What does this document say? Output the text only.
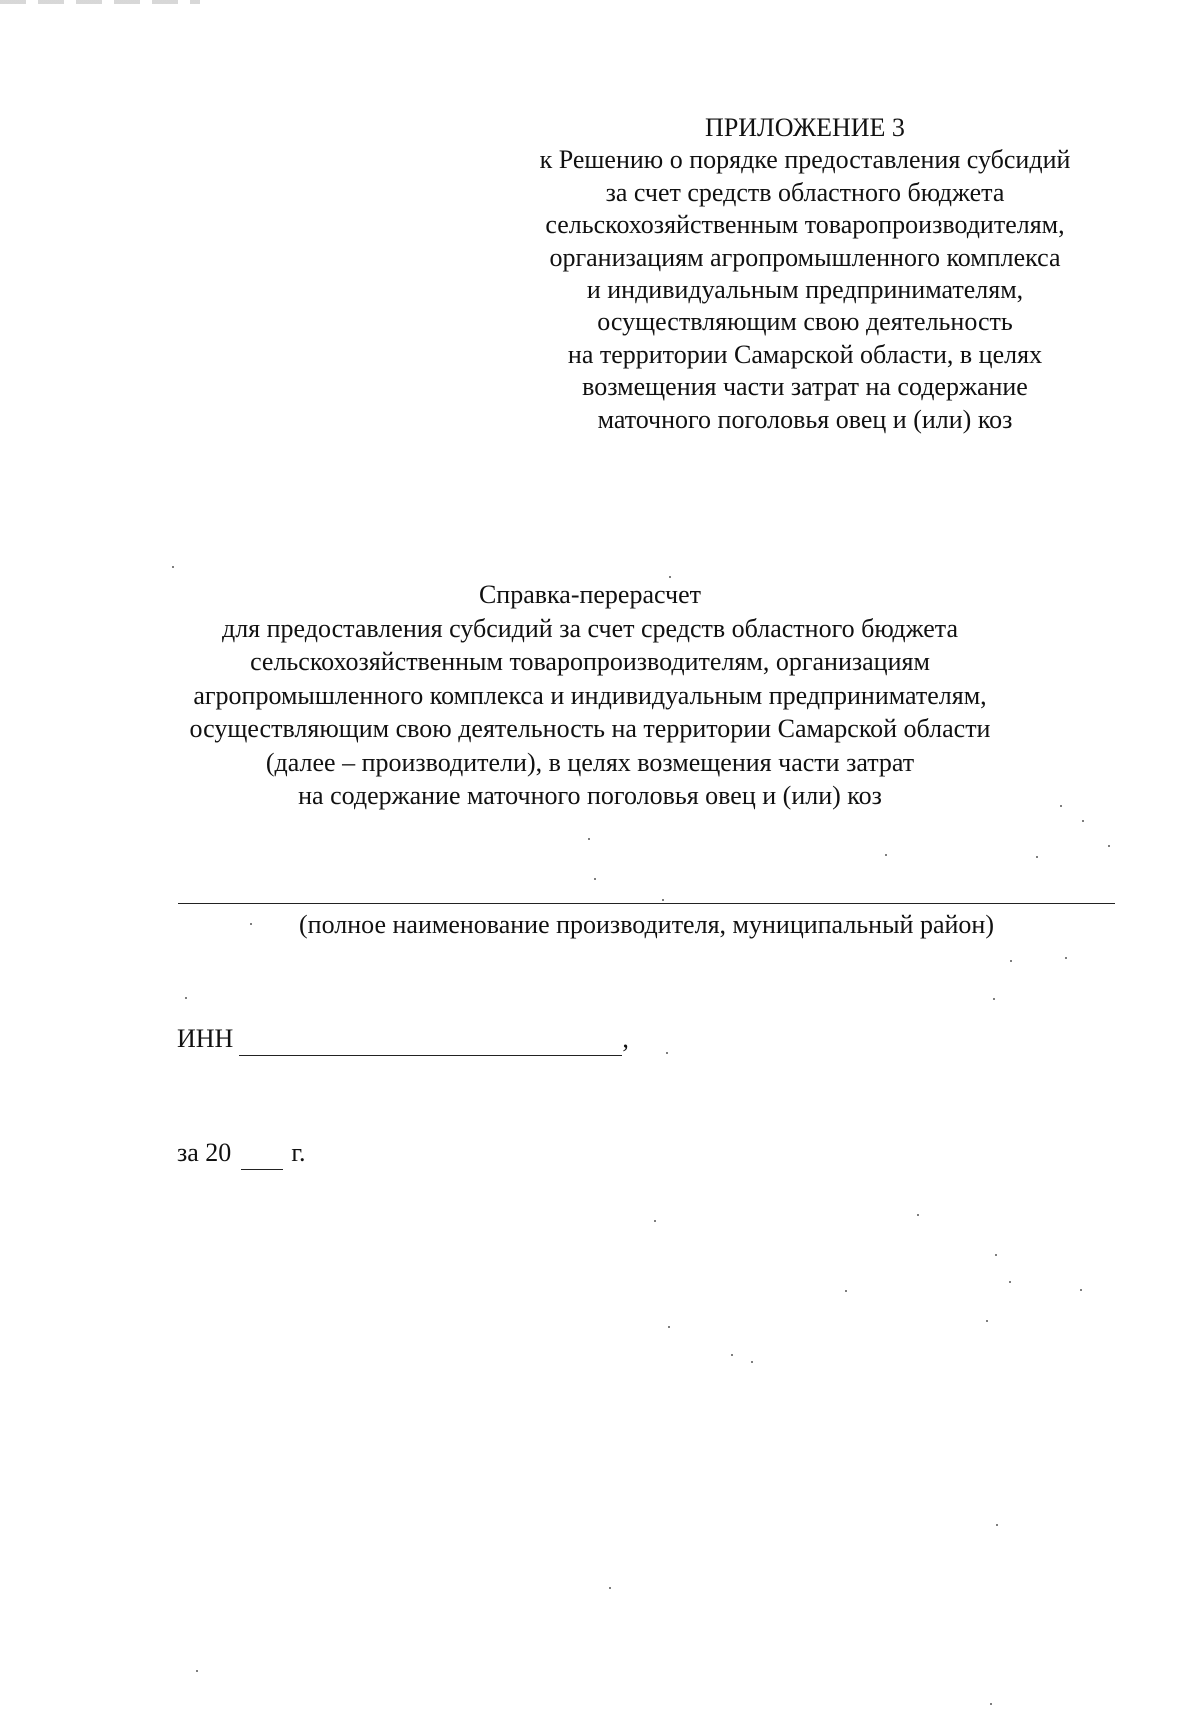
ПРИЛОЖЕНИЕ 3
к Решению о порядке предоставления субсидий
за счет средств областного бюджета
сельскохозяйственным товаропроизводителям,
организациям агропромышленного комплекса
и индивидуальным предпринимателям,
осуществляющим свою деятельность
на территории Самарской области, в целях
возмещения части затрат на содержание
маточного поголовья овец и (или) коз
Справка-перерасчет
для предоставления субсидий за счет средств областного бюджета
сельскохозяйственным товаропроизводителям, организациям
агропромышленного комплекса и индивидуальным предпринимателям,
осуществляющим свою деятельность на территории Самарской области
(далее – производители), в целях возмещения части затрат
на содержание маточного поголовья овец и (или) коз
(полное наименование производителя, муниципальный район)
ИНН	,
за 20 г.
